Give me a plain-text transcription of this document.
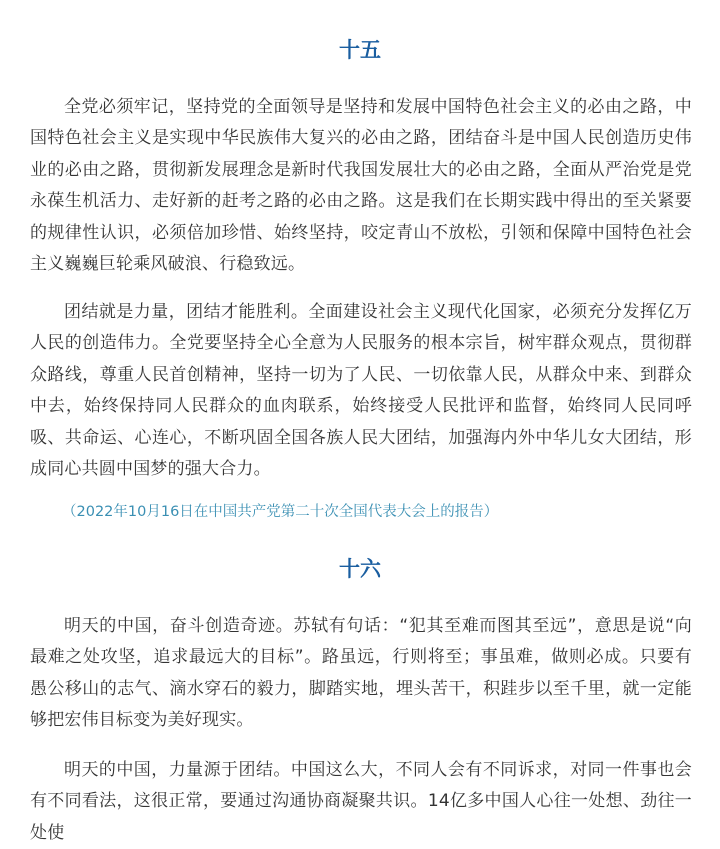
十五

全党必须牢记，坚持党的全面领导是坚持和发展中国特色社会主义的必由之路，中国特色社会主义是实现中华民族伟大复兴的必由之路，团结奋斗是中国人民创造历史伟业的必由之路，贯彻新发展理念是新时代我国发展壮大的必由之路，全面从严治党是党永葆生机活力、走好新的赶考之路的必由之路。这是我们在长期实践中得出的至关紧要的规律性认识，必须倍加珍惜、始终坚持，咬定青山不放松，引领和保障中国特色社会主义巍巍巨轮乘风破浪、行稳致远。

团结就是力量，团结才能胜利。全面建设社会主义现代化国家，必须充分发挥亿万人民的创造伟力。全党要坚持全心全意为人民服务的根本宗旨，树牢群众观点，贯彻群众路线，尊重人民首创精神，坚持一切为了人民、一切依靠人民，从群众中来、到群众中去，始终保持同人民群众的血肉联系，始终接受人民批评和监督，始终同人民同呼吸、共命运、心连心，不断巩固全国各族人民大团结，加强海内外中华儿女大团结，形成同心共圆中国梦的强大合力。

（2022年10月16日在中国共产党第二十次全国代表大会上的报告）

十六

明天的中国，奋斗创造奇迹。苏轼有句话：“犯其至难而图其至远”，意思是说“向最难之处攻坚，追求最远大的目标”。路虽远，行则将至；事虽难，做则必成。只要有愚公移山的志气、滴水穿石的毅力，脚踏实地，埋头苦干，积跬步以至千里，就一定能够把宏伟目标变为美好现实。

明天的中国，力量源于团结。中国这么大，不同人会有不同诉求，对同一件事也会有不同看法，这很正常，要通过沟通协商凝聚共识。14亿多中国人心往一处想、劲往一处使
